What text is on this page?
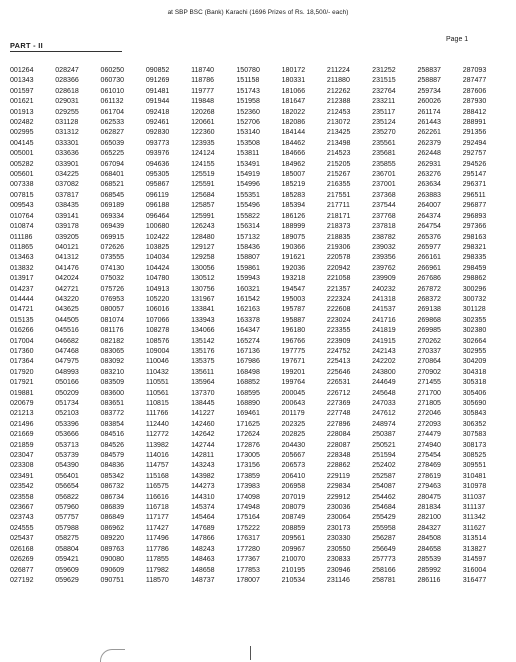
at SBP BSC (Bank) Karachi (1696 Prizes of Rs. 18,500/- each)
PART - II
Page 1
001264
001343
001597
001621
001913
002482
002995
004145
005001
005282
005601
007338
007815
009543
010764
010874
011186
011865
013463
013832
013917
014237
014444
014721
015135
016266
017004
017360
017364
017920
017921
019881
020679
021213
021496
021669
021859
023047
023308
023491
023542
023558
023667
023743
024555
025437
026168
026269
026877
027192
028247
028366
028618
029031
029255
031128
031312
033301
033636
033901
034225
037082
037817
038435
039141
039178
039205
040121
041312
041476
042024
042721
043220
043625
044505
045516
046682
047468
047975
048993
050166
050209
051734
052103
053396
053666
053713
053739
054390
056401
056654
056822
057960
057757
057988
058275
058804
059421
059609
059629
060250
060730
061010
061132
061704
062533
062827
065039
065225
067094
068401
068521
068545
069189
069334
069439
069915
072626
073555
074130
075032
075726
076953
080057
081074
081176
082182
083065
083092
083210
083509
083600
083651
083772
083854
084516
084526
084579
084836
085342
086732
086734
086839
086849
086962
089220
089763
090080
090609
090751
090852
091269
091481
091944
092418
092461
092830
093773
093976
094636
095305
095867
096119
096188
096464
100680
102422
103825
104034
104424
104780
104913
105220
106016
107066
108278
108576
109004
110046
110432
110551
110561
110815
111766
112440
112772
113982
114016
114757
115168
116575
116616
116718
117177
117427
117496
117786
117855
117982
118570
118740
118786
119777
119848
120268
120661
122360
123935
124124
124155
125519
125591
125684
125857
125991
126243
128480
129127
129258
130056
130512
130756
131967
133841
133943
134066
135142
135176
135375
135611
135964
137370
138445
141227
142460
142642
142744
142811
143243
143982
144273
144310
145374
145464
147689
147866
148243
148463
148658
148737
150780
151158
151743
151958
152360
152706
153140
153508
153811
153491
154919
154996
155351
155496
155822
156314
157132
158436
158807
159861
159943
160321
161542
162163
163378
164347
165274
167136
167986
168498
168852
168595
168890
169461
171625
172624
172876
173005
173156
173859
173983
174098
174948
175164
175222
176317
177280
177367
177853
178007
180172
180331
181066
181647
182022
182086
184144
184462
184666
184962
185007
185219
185283
185394
186126
188999
189075
190366
191621
192036
193218
194547
195003
195787
195887
196180
196766
197775
197671
199201
199764
200045
200643
201179
202325
202825
204430
205667
206573
206410
206958
207019
208079
208749
208859
209561
209967
210070
210195
210534
211224
211880
212262
212388
212453
213072
213425
213498
214523
215205
215267
216355
217551
217711
218171
218373
218835
219306
220578
220942
221058
221357
222324
222608
223024
223355
223909
224752
225413
225646
226531
226712
227369
227748
227896
228084
228087
228348
228862
229119
229834
229912
230036
230064
230173
230330
230550
230833
230946
231146
231252
231515
232764
233211
235117
235124
235270
235561
235681
235855
236701
237001
237368
237544
237768
237818
238782
239032
239356
239762
239909
240232
241318
241537
241716
241819
241915
242143
242202
243800
244649
245648
247033
247612
248974
250387
250521
251594
252402
252587
254087
254462
254684
255429
255958
256287
256649
257773
258166
258781
258837
258887
259734
260026
261174
261443
262261
262379
262448
262931
263276
263634
263883
264007
264374
264754
265376
265977
266161
266961
267686
267872
268372
269138
269868
269985
270262
270337
270864
270902
271455
271700
271805
272046
272093
274479
274940
275454
278469
278619
279463
280475
281834
282100
284327
284508
284658
285539
285992
286116
287093
287477
287606
287930
288412
288991
291356
292494
292757
294526
295147
296371
296511
296877
296893
297366
298163
298321
298335
298459
298862
300296
300732
301128
302355
302380
302664
302955
304209
304318
305318
305406
305690
305843
306352
307583
308173
308525
309551
310481
310978
311037
311137
311342
311627
313514
313827
314597
316004
316477
